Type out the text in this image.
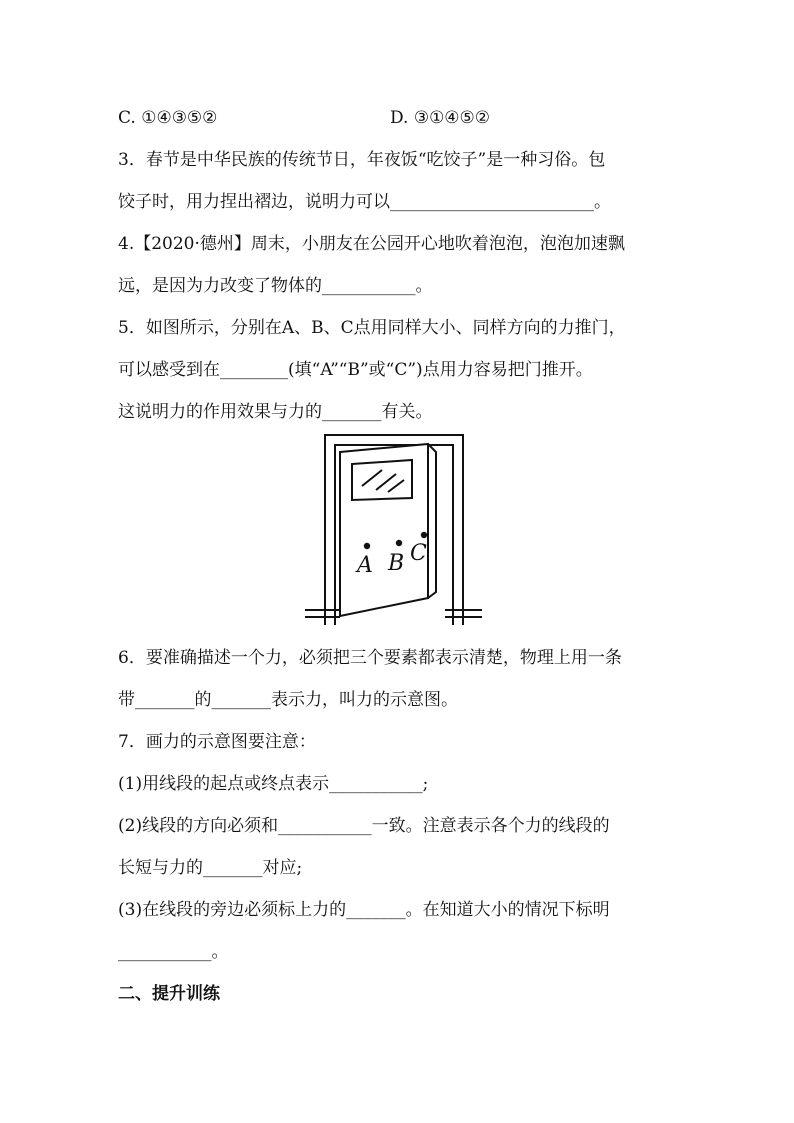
C. ①④③⑤②	D. ③①④⑤②
3．春节是中华民族的传统节日，年夜饭“吃饺子”是一种习俗。包
饺子时，用力捏出褶边，说明力可以________________________。
4.【2020·德州】周末，小朋友在公园开心地吹着泡泡，泡泡加速飘
远，是因为力改变了物体的___________。
5．如图所示，分别在A、B、C点用同样大小、同样方向的力推门，
可以感受到在________(填“A”“B”或“C”)点用力容易把门推开。
这说明力的作用效果与力的_______有关。
A B C
6．要准确描述一个力，必须把三个要素都表示清楚，物理上用一条
带_______的_______表示力，叫力的示意图。
7．画力的示意图要注意：
(1)用线段的起点或终点表示___________;
(2)线段的方向必须和___________一致。注意表示各个力的线段的
长短与力的_______对应;
(3)在线段的旁边必须标上力的_______。在知道大小的情况下标明
___________。
二、提升训练
